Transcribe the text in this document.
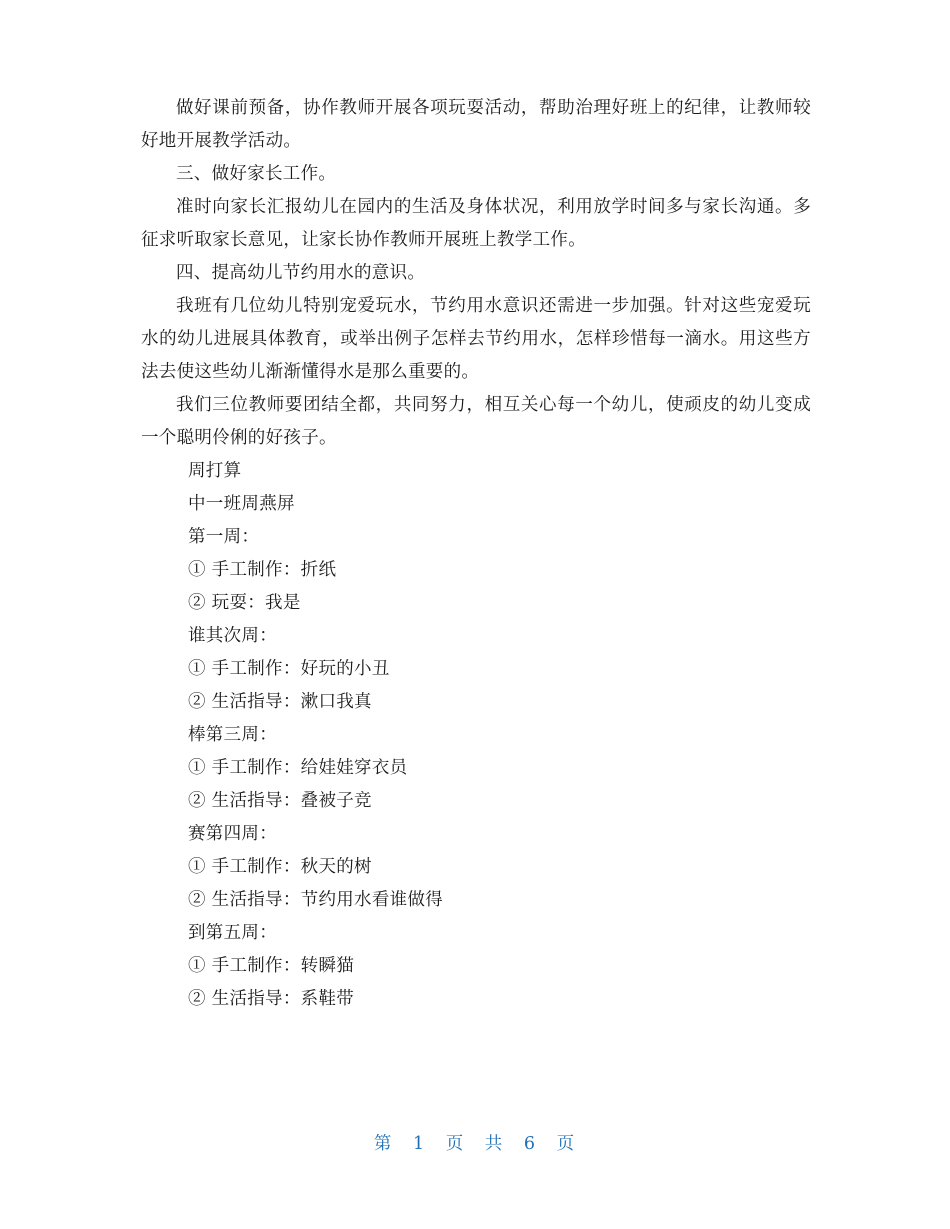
做好课前预备，协作教师开展各项玩耍活动，帮助治理好班上的纪律，让教师较好地开展教学活动。

三、做好家长工作。

准时向家长汇报幼儿在园内的生活及身体状况，利用放学时间多与家长沟通。多征求听取家长意见，让家长协作教师开展班上教学工作。

四、提高幼儿节约用水的意识。

我班有几位幼儿特别宠爱玩水，节约用水意识还需进一步加强。针对这些宠爱玩水的幼儿进展具体教育，或举出例子怎样去节约用水，怎样珍惜每一滴水。用这些方法去使这些幼儿渐渐懂得水是那么重要的。

我们三位教师要团结全都，共同努力，相互关心每一个幼儿，使顽皮的幼儿变成一个聪明伶俐的好孩子。

周打算

中一班周燕屏

第一周：

① 手工制作：折纸

② 玩耍：我是

谁其次周：

① 手工制作：好玩的小丑

② 生活指导：漱口我真

棒第三周：

① 手工制作：给娃娃穿衣员

② 生活指导：叠被子竞

赛第四周：

① 手工制作：秋天的树

② 生活指导：节约用水看谁做得

到第五周：

① 手工制作：转瞬猫

② 生活指导：系鞋带

第 1 页 共 6 页
